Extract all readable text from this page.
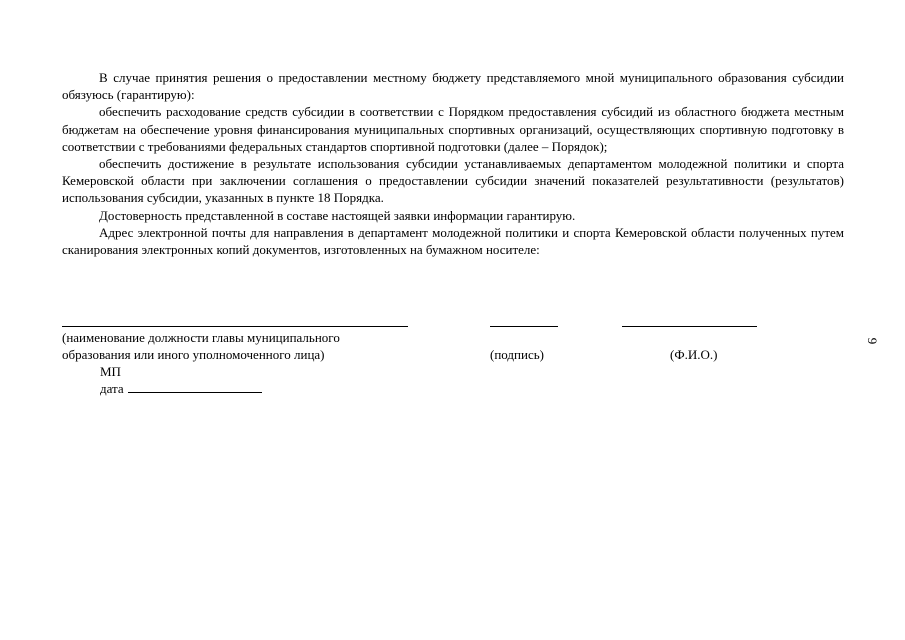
В случае принятия решения о предоставлении местному бюджету представляемого мной муниципального образования субсидии обязуюсь (гарантирую):

обеспечить расходование средств субсидии в соответствии с Порядком предоставления субсидий из областного бюджета местным бюджетам на обеспечение уровня финансирования муниципальных спортивных организаций, осуществляющих спортивную подготовку в соответствии с требованиями федеральных стандартов спортивной подготовки (далее – Порядок);

обеспечить достижение в результате использования субсидии устанавливаемых департаментом молодежной политики и спорта Кемеровской области при заключении соглашения о предоставлении субсидии значений показателей результативности (результатов) использования субсидии, указанных в пункте 18 Порядка.

Достоверность представленной в составе настоящей заявки информации гарантирую.

Адрес электронной почты для направления в департамент молодежной политики и спорта Кемеровской области полученных путем сканирования электронных копий документов, изготовленных на бумажном носителе:

(наименование должности главы муниципального
образования или иного уполномоченного лица)	(подпись)	(Ф.И.О.)
МП
дата
9
